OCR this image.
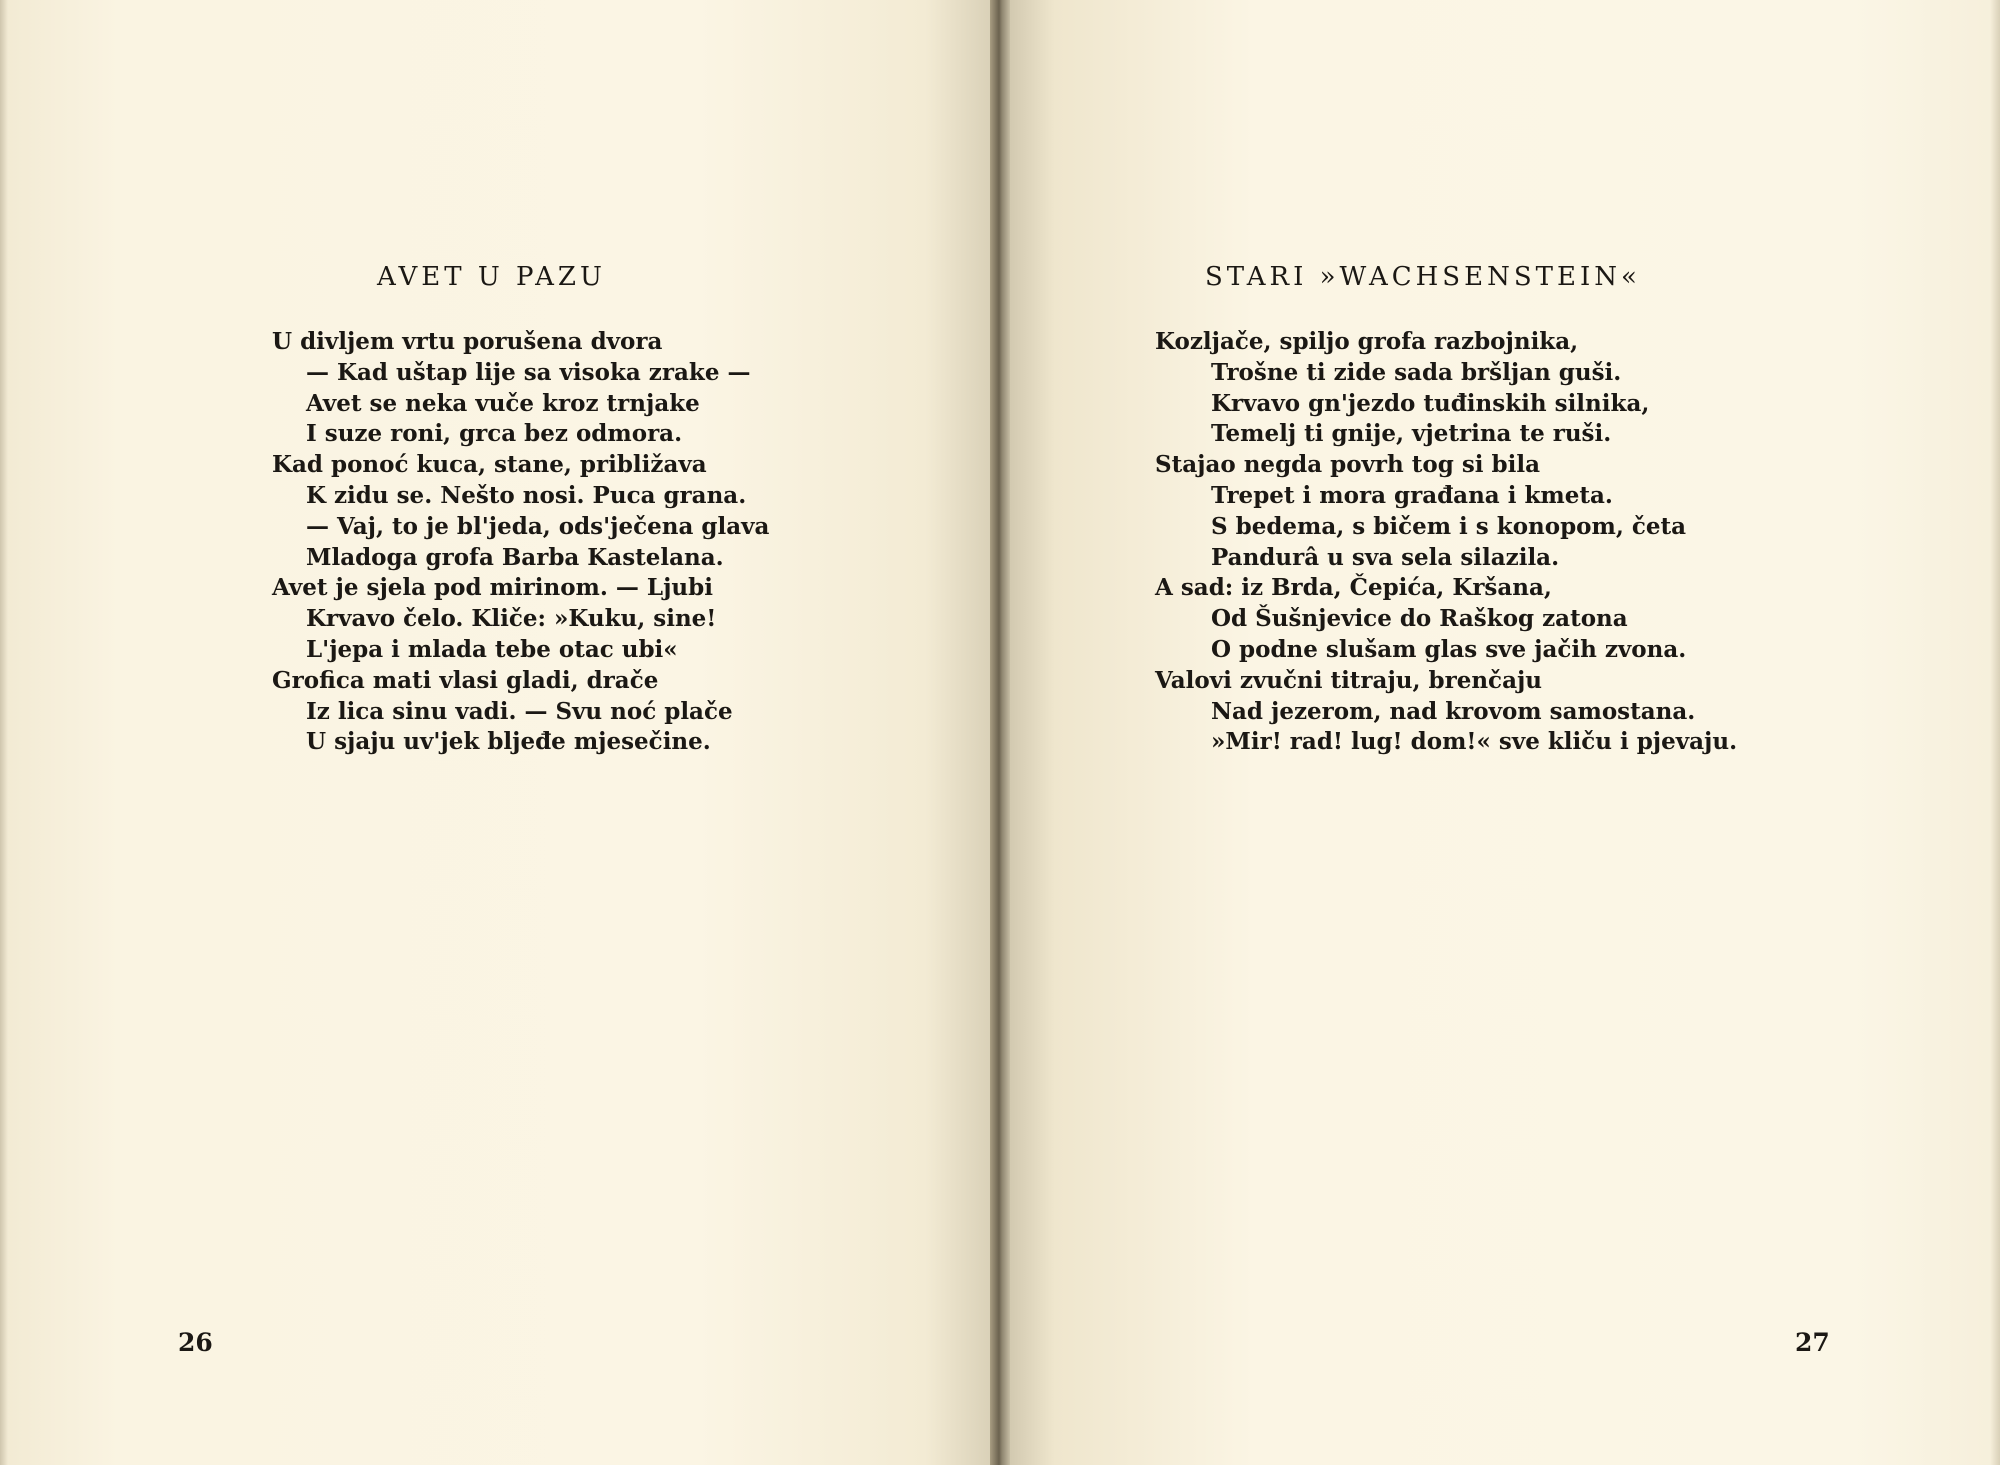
AVET U PAZU
U divljem vrtu porušena dvora
— Kad uštap lije sa visoka zrake —
Avet se neka vuče kroz trnjake
I suze roni, grca bez odmora.
Kad ponoć kuca, stane, približava
K zidu se. Nešto nosi. Puca grana.
— Vaj, to je bl'jeda, ods'ječena glava
Mladoga grofa Barba Kastelana.
Avet je sjela pod mirinom. — Ljubi
Krvavo čelo. Kliče: »Kuku, sine!
L'jepa i mlada tebe otac ubi«
Grofica mati vlasi gladi, drače
Iz lica sinu vadi. — Svu noć plače
U sjaju uv'jek bljeđe mjesečine.
26
STARI »WACHSENSTEIN«
Kozljače, spiljo grofa razbojnika,
Trošne ti zide sada bršljan guši.
Krvavo gn'jezdo tuđinskih silnika,
Temelj ti gnije, vjetrina te ruši.
Stajao negda povrh tog si bila
Trepet i mora građana i kmeta.
S bedema, s bičem i s konopom, četa
Pandurâ u sva sela silazila.
A sad: iz Brda, Čepića, Kršana,
Od Šušnjevice do Raškog zatona
O podne slušam glas sve jačih zvona.
Valovi zvučni titraju, brenčaju
Nad jezerom, nad krovom samostana.
»Mir! rad! lug! dom!« sve kliču i pjevaju.
27
